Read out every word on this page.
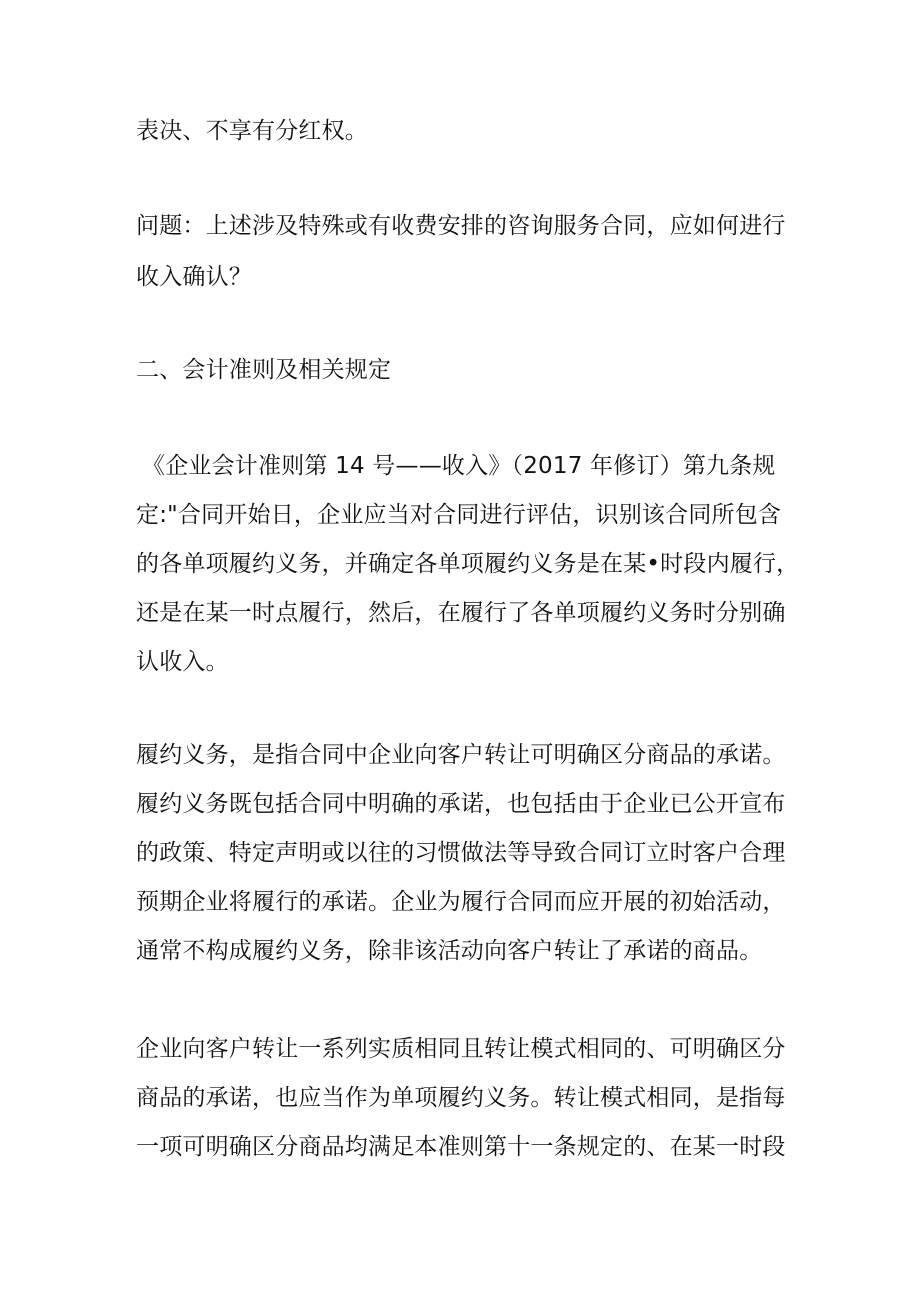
表决、不享有分红权。
问题：上述涉及特殊或有收费安排的咨询服务合同，应如何进行
收入确认？
二、会计准则及相关规定
《企业会计准则第 14 号——收入》（2017 年修订）第九条规
定:"合同开始日，企业应当对合同进行评估，识别该合同所包含
的各单项履约义务，并确定各单项履约义务是在某•时段内履行，
还是在某一时点履行，然后，在履行了各单项履约义务时分别确
认收入。
履约义务，是指合同中企业向客户转让可明确区分商品的承诺。
履约义务既包括合同中明确的承诺，也包括由于企业已公开宣布
的政策、特定声明或以往的习惯做法等导致合同订立时客户合理
预期企业将履行的承诺。企业为履行合同而应开展的初始活动，
通常不构成履约义务，除非该活动向客户转让了承诺的商品。
企业向客户转让一系列实质相同且转让模式相同的、可明确区分
商品的承诺，也应当作为单项履约义务。转让模式相同，是指每
一项可明确区分商品均满足本准则第十一条规定的、在某一时段
